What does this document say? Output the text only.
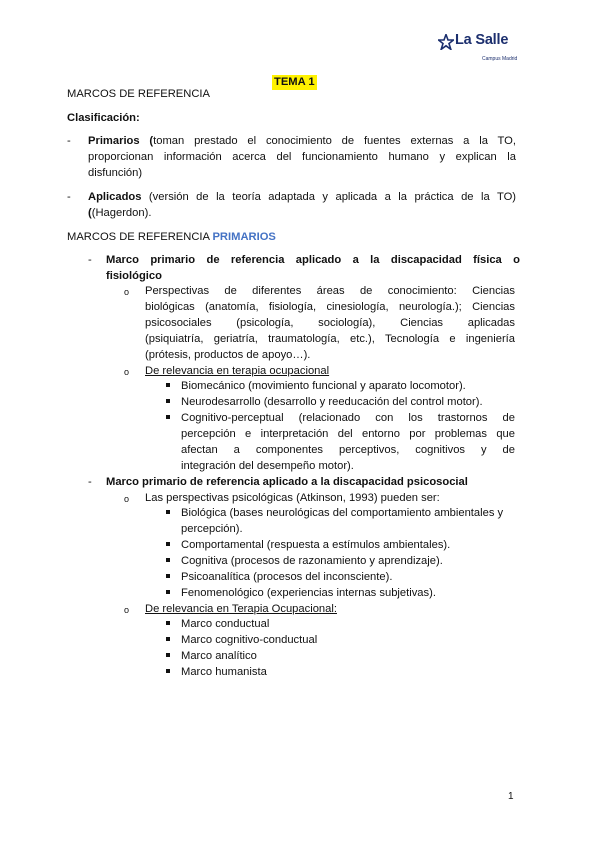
La Salle
Campus Madrid
TEMA 1
MARCOS DE REFERENCIA
Clasificación:
- Primarios (toman prestado el conocimiento de fuentes externas a la TO,
proporcionan información acerca del funcionamiento humano y explican la
disfunción)
- Aplicados (versión de la teoría adaptada y aplicada a la práctica de la TO)
((Hagerdon).
MARCOS DE REFERENCIA PRIMARIOS
- Marco primario de referencia aplicado a la discapacidad física o
fisiológico
o Perspectivas de diferentes áreas de conocimiento: Ciencias
biológicas (anatomía, fisiología, cinesiología, neurología.); Ciencias
psicosociales (psicología, sociología), Ciencias aplicadas
(psiquiatría, geriatría, traumatología, etc.), Tecnología e ingeniería
(prótesis, productos de apoyo…).
o De relevancia en terapia ocupacional
Biomecánico (movimiento funcional y aparato locomotor).
Neurodesarrollo (desarrollo y reeducación del control motor).
Cognitivo-perceptual (relacionado con los trastornos de
percepción e interpretación del entorno por problemas que
afectan a componentes perceptivos, cognitivos y de
integración del desempeño motor).
- Marco primario de referencia aplicado a la discapacidad psicosocial
o Las perspectivas psicológicas (Atkinson, 1993) pueden ser:
Biológica (bases neurológicas del comportamiento ambientales y
percepción).
Comportamental (respuesta a estímulos ambientales).
Cognitiva (procesos de razonamiento y aprendizaje).
Psicoanalítica (procesos del inconsciente).
Fenomenológico (experiencias internas subjetivas).
o De relevancia en Terapia Ocupacional:
Marco conductual
Marco cognitivo-conductual
Marco analítico
Marco humanista
1
